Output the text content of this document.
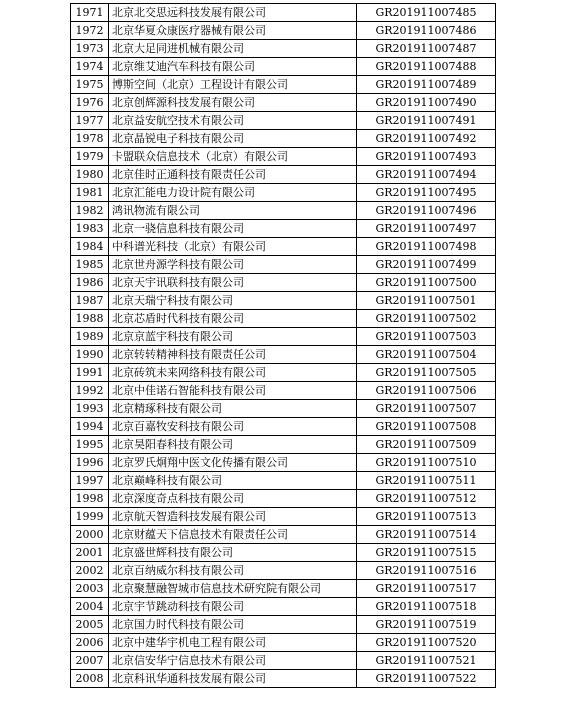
1971	北京北交思远科技发展有限公司	GR201911007485
1972	北京华夏众康医疗器械有限公司	GR201911007486
1973	北京大足同进机械有限公司	GR201911007487
1974	北京维艾迪汽车科技有限公司	GR201911007488
1975	博斯空间（北京）工程设计有限公司	GR201911007489
1976	北京创辉源科技发展有限公司	GR201911007490
1977	北京益安航空技术有限公司	GR201911007491
1978	北京晶锐电子科技有限公司	GR201911007492
1979	卡盟联众信息技术（北京）有限公司	GR201911007493
1980	北京佳时正通科技有限责任公司	GR201911007494
1981	北京汇能电力设计院有限公司	GR201911007495
1982	鸿讯物流有限公司	GR201911007496
1983	北京一骁信息科技有限公司	GR201911007497
1984	中科谱光科技（北京）有限公司	GR201911007498
1985	北京世舟源学科技有限公司	GR201911007499
1986	北京天宇讯联科技有限公司	GR201911007500
1987	北京天瑞宁科技有限公司	GR201911007501
1988	北京芯盾时代科技有限公司	GR201911007502
1989	北京京蓝宇科技有限公司	GR201911007503
1990	北京转转精神科技有限责任公司	GR201911007504
1991	北京砖筑未来网络科技有限公司	GR201911007505
1992	北京中佳诺石智能科技有限公司	GR201911007506
1993	北京精琢科技有限公司	GR201911007507
1994	北京百嘉牧安科技有限公司	GR201911007508
1995	北京昊阳春科技有限公司	GR201911007509
1996	北京罗氏炯翔中医文化传播有限公司	GR201911007510
1997	北京巅峰科技有限公司	GR201911007511
1998	北京深度奇点科技有限公司	GR201911007512
1999	北京航天智造科技发展有限公司	GR201911007513
2000	北京财蕴天下信息技术有限责任公司	GR201911007514
2001	北京盛世辉科技有限公司	GR201911007515
2002	北京百纳威尔科技有限公司	GR201911007516
2003	北京聚慧融智城市信息技术研究院有限公司	GR201911007517
2004	北京宇节跳动科技有限公司	GR201911007518
2005	北京国力时代科技有限公司	GR201911007519
2006	北京中建华宇机电工程有限公司	GR201911007520
2007	北京信安华宁信息技术有限公司	GR201911007521
2008	北京科讯华通科技发展有限公司	GR201911007522
